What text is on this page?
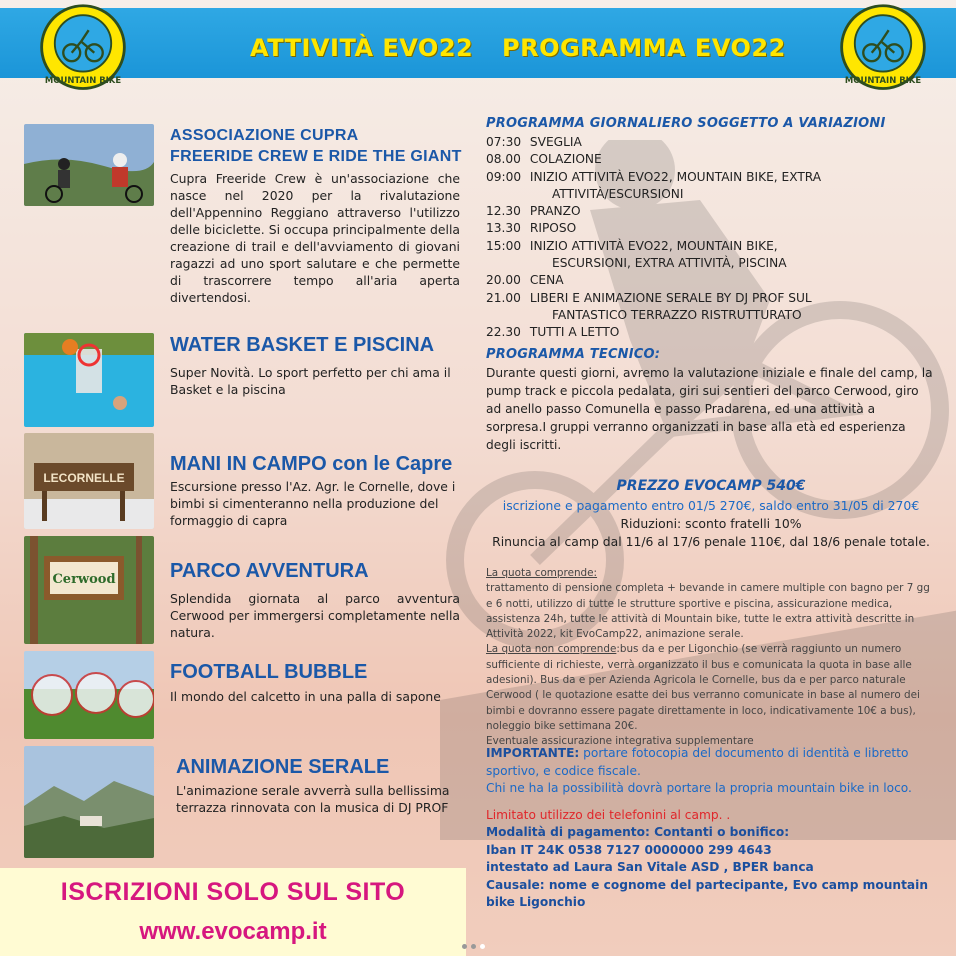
ATTIVITÀ EVO22 PROGRAMMA EVO22
MOUNTAIN BIKE	MOUNTAIN BIKE
ASSOCIAZIONE CUPRA
FREERIDE CREW E RIDE THE GIANT
Cupra Freeride Crew è un'associazione che nasce nel 2020 per la rivalutazione dell'Appennino Reggiano attraverso l'utilizzo delle biciclette. Si occupa principalmente della creazione di trail e dell'avviamento di giovani ragazzi ad uno sport salutare e che permette di trascorrere tempo all'aria aperta divertendosi.
WATER BASKET E PISCINA
Super Novità. Lo sport perfetto per chi ama il Basket e la piscina
LECORNELLE
MANI IN CAMPO con le Capre
Escursione presso l'Az. Agr. le Cornelle, dove i bimbi si cimenteranno nella produzione del formaggio di capra
Cerwood	PARCO AVVENTURA
Splendida giornata al parco avventura Cerwood per immergersi completamente nella natura.
FOOTBALL BUBBLE
Il mondo del calcetto in una palla di sapone
ANIMAZIONE SERALE
L'animazione serale avverrà sulla bellissima terrazza rinnovata con la musica di DJ PROF
ISCRIZIONI SOLO SUL SITO
www.evocamp.it
PROGRAMMA GIORNALIERO SOGGETTO A VARIAZIONI
07:30 SVEGLIA
08.00 COLAZIONE
09:00 INIZIO ATTIVITÀ EVO22, MOUNTAIN BIKE, EXTRA
ATTIVITÀ/ESCURSIONI
12.30 PRANZO
13.30 RIPOSO
15:00 INIZIO ATTIVITÀ EVO22, MOUNTAIN BIKE,
ESCURSIONI, EXTRA ATTIVITÀ, PISCINA
20.00 CENA
21.00 LIBERI E ANIMAZIONE SERALE BY DJ PROF SUL
FANTASTICO TERRAZZO RISTRUTTURATO
22.30 TUTTI A LETTO
PROGRAMMA TECNICO:
Durante questi giorni, avremo la valutazione iniziale e finale del camp, la pump track e piccola pedalata, giri sui sentieri del parco Cerwood, giro ad anello passo Comunella e passo Pradarena, ed una attività a sorpresa.I gruppi verranno organizzati in base alla età ed esperienza degli iscritti.
PREZZO EVOCAMP 540€
iscrizione e pagamento entro 01/5 270€, saldo entro 31/05 di 270€
Riduzioni: sconto fratelli 10%
Rinuncia al camp dal 11/6 al 17/6 penale 110€, dal 18/6 penale totale.
La quota comprende:
trattamento di pensione completa + bevande in camere multiple con bagno per 7 gg e 6 notti, utilizzo di tutte le strutture sportive e piscina, assicurazione medica, assistenza 24h, tutte le attività di Mountain bike, tutte le extra attività descritte in Attività 2022, kit EvoCamp22, animazione serale.
La quota non comprende:bus da e per Ligonchio (se verrà raggiunto un numero sufficiente di richieste, verrà organizzato il bus e comunicata la quota in base alle adesioni). Bus da e per Azienda Agricola le Cornelle, bus da e per parco naturale Cerwood ( le quotazione esatte dei bus verranno comunicate in base al numero dei bimbi e dovranno essere pagate direttamente in loco, indicativamente 10€ a bus), noleggio bike settimana 20€.
Eventuale assicurazione integrativa supplementare
IMPORTANTE: portare fotocopia del documento di identità e libretto sportivo, e codice fiscale.
Chi ne ha la possibilità dovrà portare la propria mountain bike in loco.
Limitato utilizzo dei telefonini al camp. .
Modalità di pagamento: Contanti o bonifico:
Iban IT 24K 0538 7127 0000000 299 4643
intestato ad Laura San Vitale ASD , BPER banca
Causale: nome e cognome del partecipante, Evo camp mountain bike Ligonchio
